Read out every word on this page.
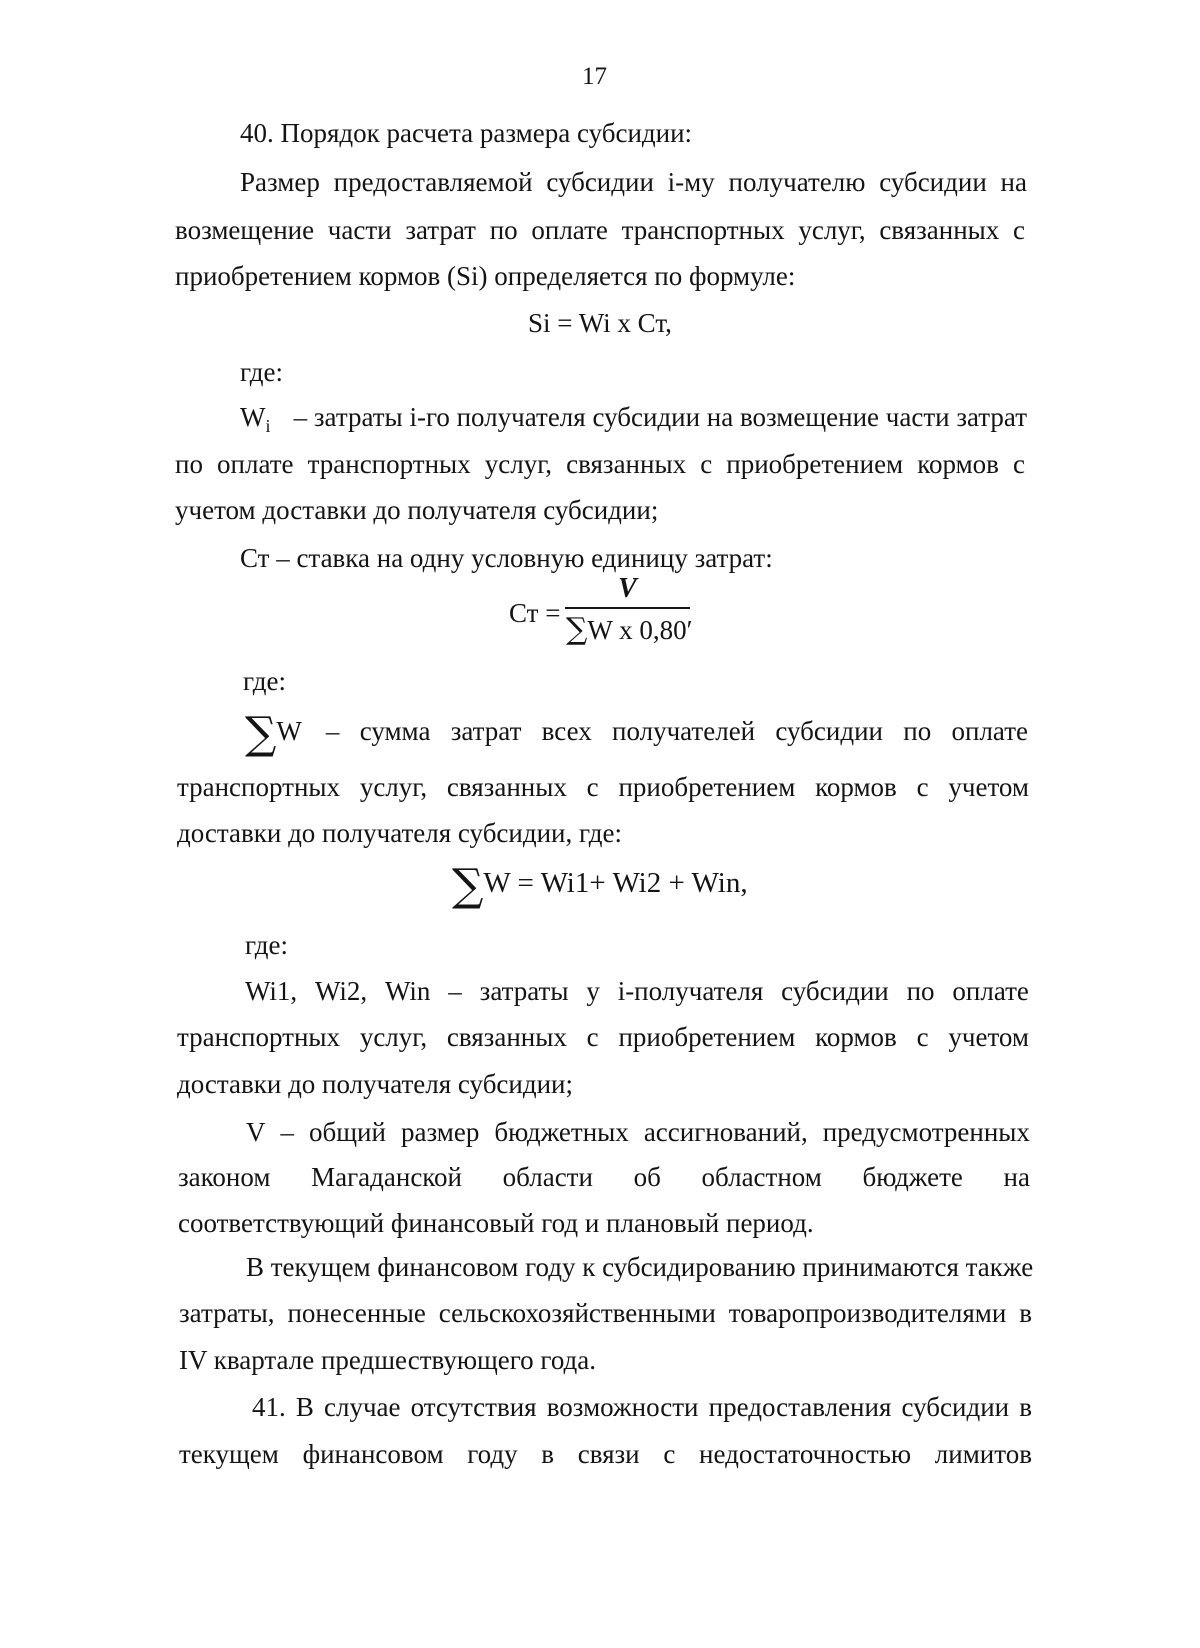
17
40. Порядок расчета размера субсидии:
Размер предоставляемой субсидии i-му получателю субсидии на
возмещение части затрат по оплате транспортных услуг, связанных с
приобретением кормов (Si) определяется по формуле:
Si = Wi x Ст,
где:
$W_i$ – затраты i-го получателя субсидии на возмещение части затрат
по оплате транспортных услуг, связанных с приобретением кормов с
учетом доставки до получателя субсидии;
Ст – ставка на одну условную единицу затрат:
Ст =
V
∑W x 0,80′
где:
∑W – сумма затрат всех получателей субсидии по оплате
транспортных услуг, связанных с приобретением кормов с учетом
доставки до получателя субсидии, где:
∑W = Wi1+ Wi2 + Win,
где:
Wi1, Wi2, Win – затраты у i-получателя субсидии по оплате
транспортных услуг, связанных с приобретением кормов с учетом
доставки до получателя субсидии;
V – общий размер бюджетных ассигнований, предусмотренных
законом Магаданской области об областном бюджете на
соответствующий финансовый год и плановый период.
В текущем финансовом году к субсидированию принимаются также
затраты, понесенные сельскохозяйственными товаропроизводителями в
IV квартале предшествующего года.
41. В случае отсутствия возможности предоставления субсидии в
текущем финансовом году в связи с недостаточностью лимитов
